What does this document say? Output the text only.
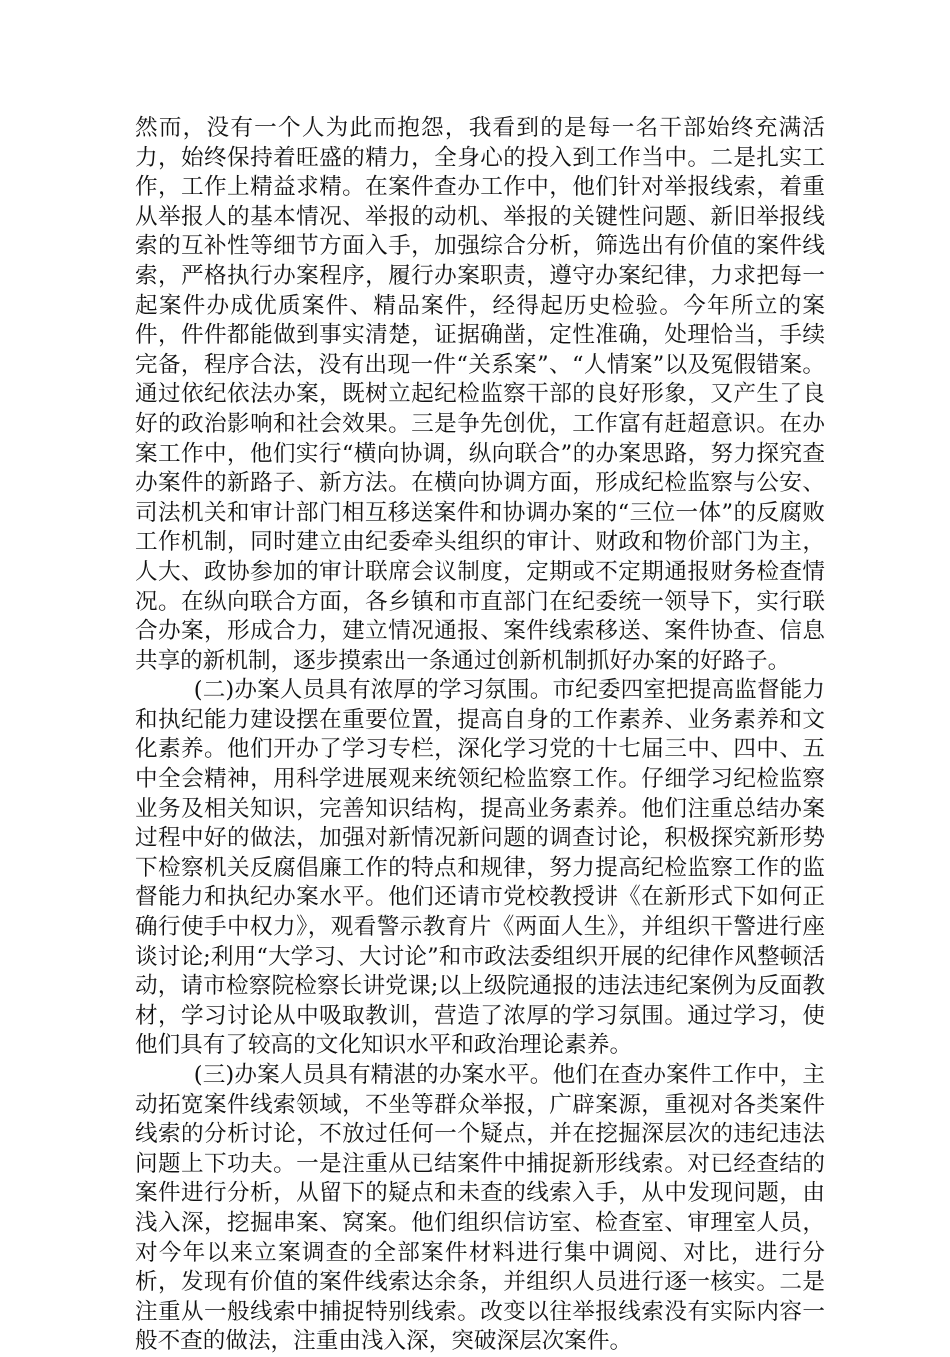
然而，没有一个人为此而抱怨，我看到的是每一名干部始终充满活力，始终保持着旺盛的精力，全身心的投入到工作当中。二是扎实工作，工作上精益求精。在案件查办工作中，他们针对举报线索，着重从举报人的基本情况、举报的动机、举报的关键性问题、新旧举报线索的互补性等细节方面入手，加强综合分析，筛选出有价值的案件线索，严格执行办案程序，履行办案职责，遵守办案纪律，力求把每一起案件办成优质案件、精品案件，经得起历史检验。今年所立的案件，件件都能做到事实清楚，证据确凿，定性准确，处理恰当，手续完备，程序合法，没有出现一件“关系案”、“人情案”以及冤假错案。通过依纪依法办案，既树立起纪检监察干部的良好形象，又产生了良好的政治影响和社会效果。三是争先创优，工作富有赶超意识。在办案工作中，他们实行“横向协调，纵向联合”的办案思路，努力探究查办案件的新路子、新方法。在横向协调方面，形成纪检监察与公安、司法机关和审计部门相互移送案件和协调办案的“三位一体”的反腐败工作机制，同时建立由纪委牵头组织的审计、财政和物价部门为主，人大、政协参加的审计联席会议制度，定期或不定期通报财务检查情况。在纵向联合方面，各乡镇和市直部门在纪委统一领导下，实行联合办案，形成合力，建立情况通报、案件线索移送、案件协查、信息共享的新机制，逐步摸索出一条通过创新机制抓好办案的好路子。

(二)办案人员具有浓厚的学习氛围。市纪委四室把提高监督能力和执纪能力建设摆在重要位置，提高自身的工作素养、业务素养和文化素养。他们开办了学习专栏，深化学习党的十七届三中、四中、五中全会精神，用科学进展观来统领纪检监察工作。仔细学习纪检监察业务及相关知识，完善知识结构，提高业务素养。他们注重总结办案过程中好的做法，加强对新情况新问题的调查讨论，积极探究新形势下检察机关反腐倡廉工作的特点和规律，努力提高纪检监察工作的监督能力和执纪办案水平。他们还请市党校教授讲《在新形式下如何正确行使手中权力》，观看警示教育片《两面人生》，并组织干警进行座谈讨论;利用“大学习、大讨论”和市政法委组织开展的纪律作风整顿活动，请市检察院检察长讲党课;以上级院通报的违法违纪案例为反面教材，学习讨论从中吸取教训，营造了浓厚的学习氛围。通过学习，使他们具有了较高的文化知识水平和政治理论素养。

(三)办案人员具有精湛的办案水平。他们在查办案件工作中，主动拓宽案件线索领域，不坐等群众举报，广辟案源，重视对各类案件线索的分析讨论，不放过任何一个疑点，并在挖掘深层次的违纪违法问题上下功夫。一是注重从已结案件中捕捉新形线索。对已经查结的案件进行分析，从留下的疑点和未查的线索入手，从中发现问题，由浅入深，挖掘串案、窝案。他们组织信访室、检查室、审理室人员，对今年以来立案调查的全部案件材料进行集中调阅、对比，进行分析，发现有价值的案件线索达余条，并组织人员进行逐一核实。二是注重从一般线索中捕捉特别线索。改变以往举报线索没有实际内容一般不查的做法，注重由浅入深，突破深层次案件。
